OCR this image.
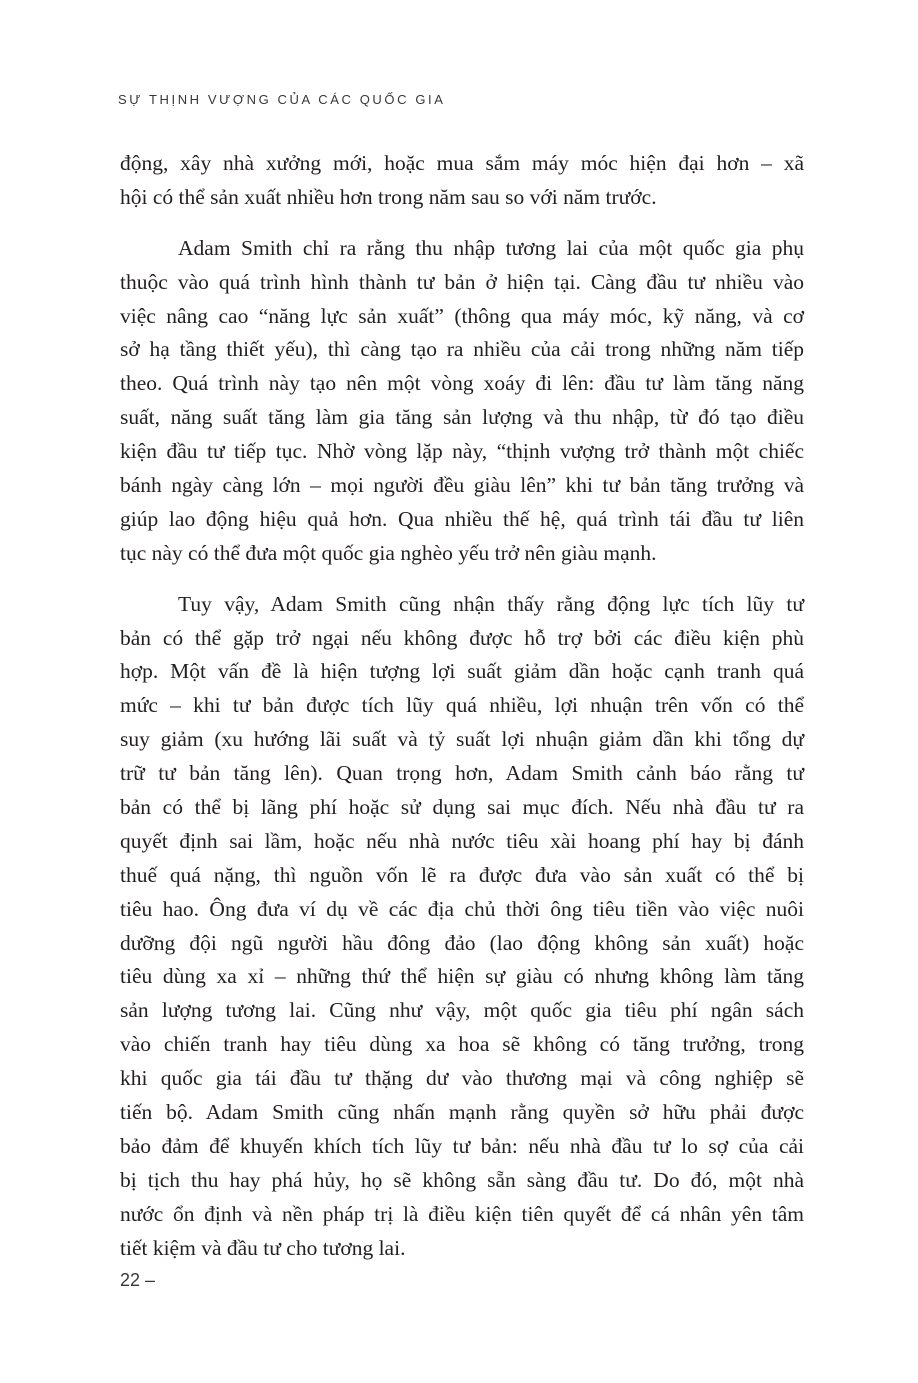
SỰ THỊNH VƯỢNG CỦA CÁC QUỐC GIA
động, xây nhà xưởng mới, hoặc mua sắm máy móc hiện đại hơn – xã
hội có thể sản xuất nhiều hơn trong năm sau so với năm trước.
Adam Smith chỉ ra rằng thu nhập tương lai của một quốc gia phụ
thuộc vào quá trình hình thành tư bản ở hiện tại. Càng đầu tư nhiều vào
việc nâng cao “năng lực sản xuất” (thông qua máy móc, kỹ năng, và cơ
sở hạ tầng thiết yếu), thì càng tạo ra nhiều của cải trong những năm tiếp
theo. Quá trình này tạo nên một vòng xoáy đi lên: đầu tư làm tăng năng
suất, năng suất tăng làm gia tăng sản lượng và thu nhập, từ đó tạo điều
kiện đầu tư tiếp tục. Nhờ vòng lặp này, “thịnh vượng trở thành một chiếc
bánh ngày càng lớn – mọi người đều giàu lên” khi tư bản tăng trưởng và
giúp lao động hiệu quả hơn. Qua nhiều thế hệ, quá trình tái đầu tư liên
tục này có thể đưa một quốc gia nghèo yếu trở nên giàu mạnh.
Tuy vậy, Adam Smith cũng nhận thấy rằng động lực tích lũy tư
bản có thể gặp trở ngại nếu không được hỗ trợ bởi các điều kiện phù
hợp. Một vấn đề là hiện tượng lợi suất giảm dần hoặc cạnh tranh quá
mức – khi tư bản được tích lũy quá nhiều, lợi nhuận trên vốn có thể
suy giảm (xu hướng lãi suất và tỷ suất lợi nhuận giảm dần khi tổng dự
trữ tư bản tăng lên). Quan trọng hơn, Adam Smith cảnh báo rằng tư
bản có thể bị lãng phí hoặc sử dụng sai mục đích. Nếu nhà đầu tư ra
quyết định sai lầm, hoặc nếu nhà nước tiêu xài hoang phí hay bị đánh
thuế quá nặng, thì nguồn vốn lẽ ra được đưa vào sản xuất có thể bị
tiêu hao. Ông đưa ví dụ về các địa chủ thời ông tiêu tiền vào việc nuôi
dưỡng đội ngũ người hầu đông đảo (lao động không sản xuất) hoặc
tiêu dùng xa xỉ – những thứ thể hiện sự giàu có nhưng không làm tăng
sản lượng tương lai. Cũng như vậy, một quốc gia tiêu phí ngân sách
vào chiến tranh hay tiêu dùng xa hoa sẽ không có tăng trưởng, trong
khi quốc gia tái đầu tư thặng dư vào thương mại và công nghiệp sẽ
tiến bộ. Adam Smith cũng nhấn mạnh rằng quyền sở hữu phải được
bảo đảm để khuyến khích tích lũy tư bản: nếu nhà đầu tư lo sợ của cải
bị tịch thu hay phá hủy, họ sẽ không sẵn sàng đầu tư. Do đó, một nhà
nước ổn định và nền pháp trị là điều kiện tiên quyết để cá nhân yên tâm
tiết kiệm và đầu tư cho tương lai.
22 –
